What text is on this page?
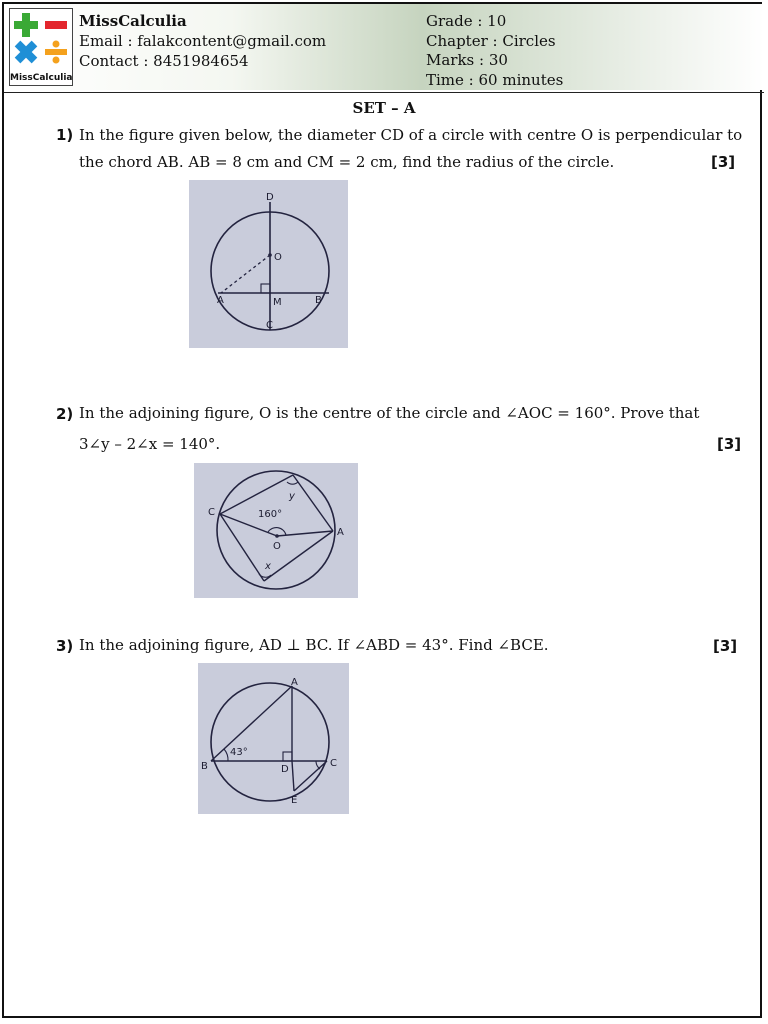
MissCalculia
MissCalculia
Email : falakcontent@gmail.com
Contact : 8451984654
Grade : 10
Chapter : Circles
Marks : 30
Time : 60 minutes
SET – A
1) In the figure given below, the diameter CD of a circle with centre O is perpendicular to
the chord AB. AB = 8 cm and CM = 2 cm, find the radius of the circle.	[3]
D
O
A	M	B
C
2) In the adjoining figure, O is the centre of the circle and ∠AOC = 160°. Prove that
3∠y – 2∠x = 140°.	[3]
C
A
O
160°
y
x
3) In the adjoining figure, AD ⊥ BC. If ∠ABD = 43°. Find ∠BCE.	[3]
A
B	C
D
E
43°
